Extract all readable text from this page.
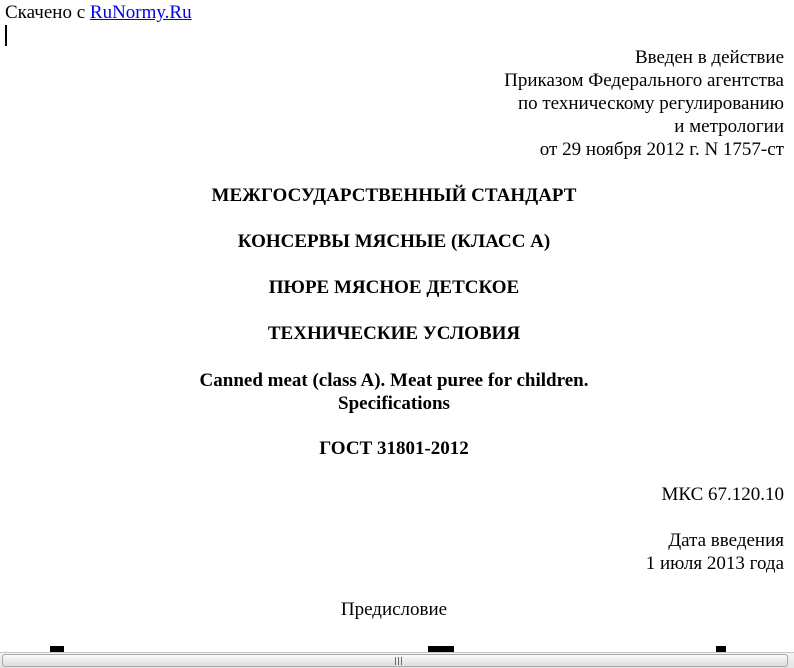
Скачено с RuNormy.Ru
Введен в действие
Приказом Федерального агентства
по техническому регулированию
и метрологии
от 29 ноября 2012 г. N 1757-ст
МЕЖГОСУДАРСТВЕННЫЙ СТАНДАРТ
КОНСЕРВЫ МЯСНЫЕ (КЛАСС А)
ПЮРЕ МЯСНОЕ ДЕТСКОЕ
ТЕХНИЧЕСКИЕ УСЛОВИЯ
Canned meat (class A). Meat puree for children.
Specifications
ГОСТ 31801-2012
МКС 67.120.10
Дата введения
1 июля 2013 года
Предисловие
